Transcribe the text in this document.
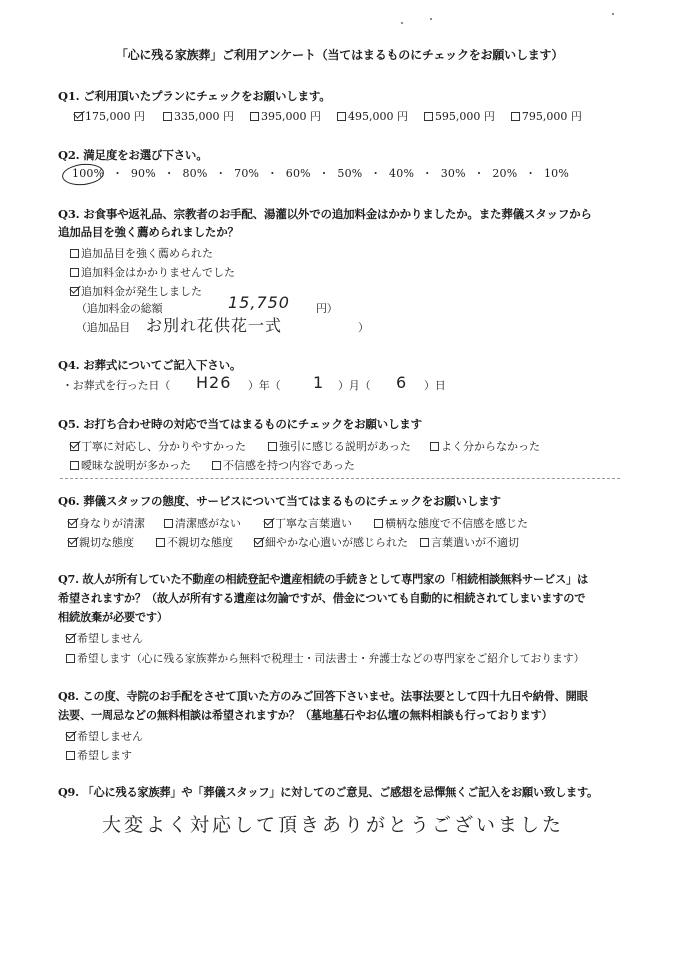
「心に残る家族葬」ご利用アンケート（当てはまるものにチェックをお願いします）
Q1. ご利用頂いたプランにチェックをお願いします。
175,000 円	335,000 円 395,000 円 495,000 円 595,000 円 795,000 円
Q2. 満足度をお選び下さい。
100% ・ 90% ・ 80% ・ 70% ・ 60% ・ 50% ・ 40% ・ 30% ・ 20% ・ 10%
Q3. お食事や返礼品、宗教者のお手配、湯灌以外での追加料金はかかりましたか。また葬儀スタッフから
追加品目を強く薦められましたか？
追加品目を強く薦められた
追加料金はかかりませんでした
追加料金が発生しました
（追加料金の総額	15,750 円）
（追加品目 お別れ花供花一式	）
Q4. お葬式についてご記入下さい。
・お葬式を行った日（ H26 ）年（ 1 ）月（ 6 ）日
Q5. お打ち合わせ時の対応で当てはまるものにチェックをお願いします
丁寧に対応し、分かりやすかった	強引に感じる説明があった	よく分からなかった
曖昧な説明が多かった	不信感を持つ内容であった
Q6. 葬儀スタッフの態度、サービスについて当てはまるものにチェックをお願いします
身なりが清潔	清潔感がない	丁寧な言葉遣い	横柄な態度で不信感を感じた
親切な態度	不親切な態度	細やかな心遣いが感じられた 言葉遣いが不適切
Q7. 故人が所有していた不動産の相続登記や遺産相続の手続きとして専門家の「相続相談無料サービス」は
希望されますか？（故人が所有する遺産は勿論ですが、借金についても自動的に相続されてしまいますので
相続放棄が必要です）
希望しません
希望します（心に残る家族葬から無料で税理士・司法書士・弁護士などの専門家をご紹介しております）
Q8. この度、寺院のお手配をさせて頂いた方のみご回答下さいませ。法事法要として四十九日や納骨、開眼
法要、一周忌などの無料相談は希望されますか？（墓地墓石やお仏壇の無料相談も行っております）
希望しません
希望します
Q9. 「心に残る家族葬」や「葬儀スタッフ」に対してのご意見、ご感想を忌憚無くご記入をお願い致します。
大変よく対応して頂きありがとうございました
